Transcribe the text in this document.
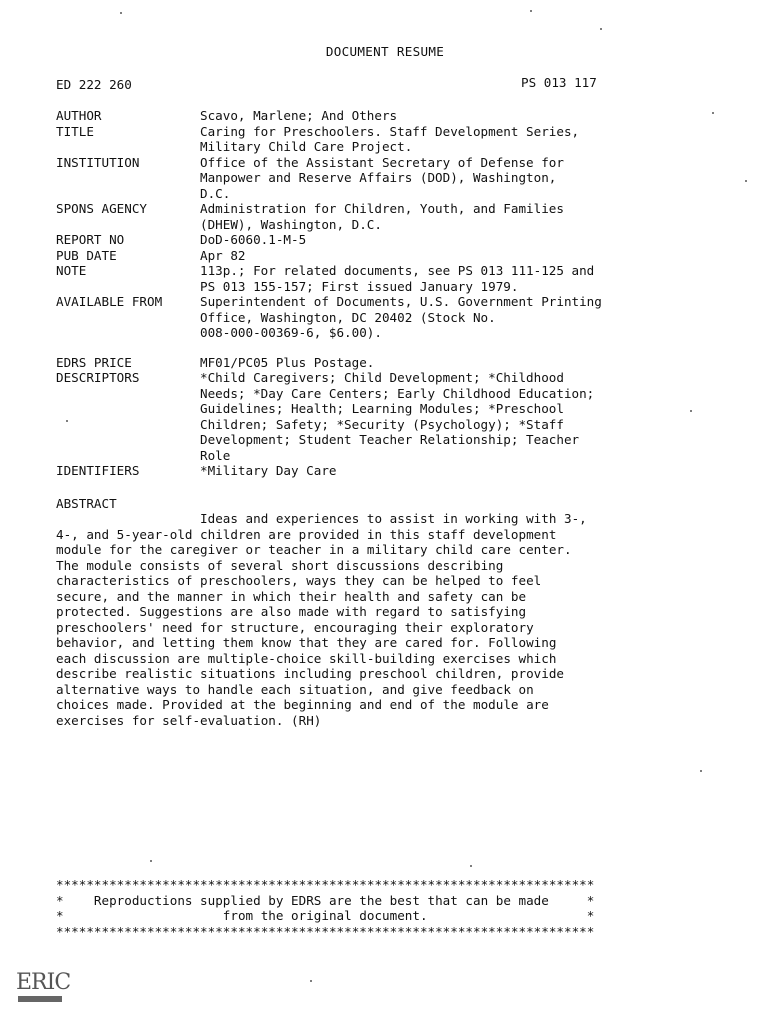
DOCUMENT RESUME
ED 222 260	PS 013 117
AUTHOR	Scavo, Marlene; And Others
TITLE	Caring for Preschoolers. Staff Development Series,
Military Child Care Project.
INSTITUTION	Office of the Assistant Secretary of Defense for
Manpower and Reserve Affairs (DOD), Washington,
D.C.
SPONS AGENCY	Administration for Children, Youth, and Families
(DHEW), Washington, D.C.
REPORT NO	DoD-6060.1-M-5
PUB DATE	Apr 82
NOTE	113p.; For related documents, see PS 013 111-125 and
PS 013 155-157; First issued January 1979.
AVAILABLE FROM	Superintendent of Documents, U.S. Government Printing
Office, Washington, DC 20402 (Stock No.
008-000-00369-6, $6.00).
EDRS PRICE	MF01/PC05 Plus Postage.
DESCRIPTORS	*Child Caregivers; Child Development; *Childhood
Needs; *Day Care Centers; Early Childhood Education;
Guidelines; Health; Learning Modules; *Preschool
Children; Safety; *Security (Psychology); *Staff
Development; Student Teacher Relationship; Teacher
Role
IDENTIFIERS	*Military Day Care
ABSTRACT
Ideas and experiences to assist in working with 3-,
4-, and 5-year-old children are provided in this staff development
module for the caregiver or teacher in a military child care center.
The module consists of several short discussions describing
characteristics of preschoolers, ways they can be helped to feel
secure, and the manner in which their health and safety can be
protected. Suggestions are also made with regard to satisfying
preschoolers' need for structure, encouraging their exploratory
behavior, and letting them know that they are cared for. Following
each discussion are multiple-choice skill-building exercises which
describe realistic situations including preschool children, provide
alternative ways to handle each situation, and give feedback on
choices made. Provided at the beginning and end of the module are
exercises for self-evaluation. (RH)
***********************************************************************
*    Reproductions supplied by EDRS are the best that can be made     *
*                     from the original document.                     *
***********************************************************************
ERIC
